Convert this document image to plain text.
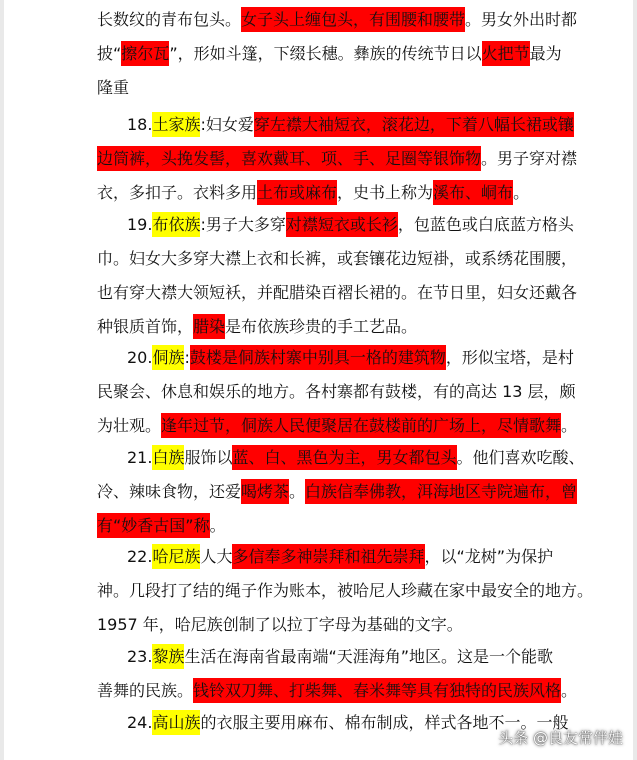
长数纹的青布包头。女子头上缠包头，有围腰和腰带。男女外出时都
披“擦尔瓦”，形如斗篷，下缀长穗。彝族的传统节日以火把节最为
隆重
18.土家族:妇女爱穿左襟大袖短衣，滚花边，下着八幅长裙或镶
边筒裤，头挽发髻，喜欢戴耳、项、手、足圈等银饰物。男子穿对襟
衣，多扣子。衣料多用土布或麻布，史书上称为溪布、峒布。
19.布依族:男子大多穿对襟短衣或长衫，包蓝色或白底蓝方格头
巾。妇女大多穿大襟上衣和长裤，或套镶花边短褂，或系绣花围腰，
也有穿大襟大领短袄，并配腊染百褶长裙的。在节日里，妇女还戴各
种银质首饰，腊染是布依族珍贵的手工艺品。
20.侗族:鼓楼是侗族村寨中别具一格的建筑物，形似宝塔，是村
民聚会、休息和娱乐的地方。各村寨都有鼓楼，有的高达 13 层，颇
为壮观。逢年过节，侗族人民便聚居在鼓楼前的广场上，尽情歌舞。
21.白族服饰以蓝、白、黑色为主，男女都包头。他们喜欢吃酸、
冷、辣味食物，还爱喝烤茶。白族信奉佛教，洱海地区寺院遍布，曾
有“妙香古国”称。
22.哈尼族人大多信奉多神崇拜和祖先崇拜，以“龙树”为保护
神。几段打了结的绳子作为账本，被哈尼人珍藏在家中最安全的地方。
1957 年，哈尼族创制了以拉丁字母为基础的文字。
23.黎族生活在海南省最南端“天涯海角”地区。这是一个能歌
善舞的民族。钱铃双刀舞、打柴舞、春米舞等具有独特的民族风格。
24.高山族的衣服主要用麻布、棉布制成，样式各地不一。一般
头条 @良友常伴娃
